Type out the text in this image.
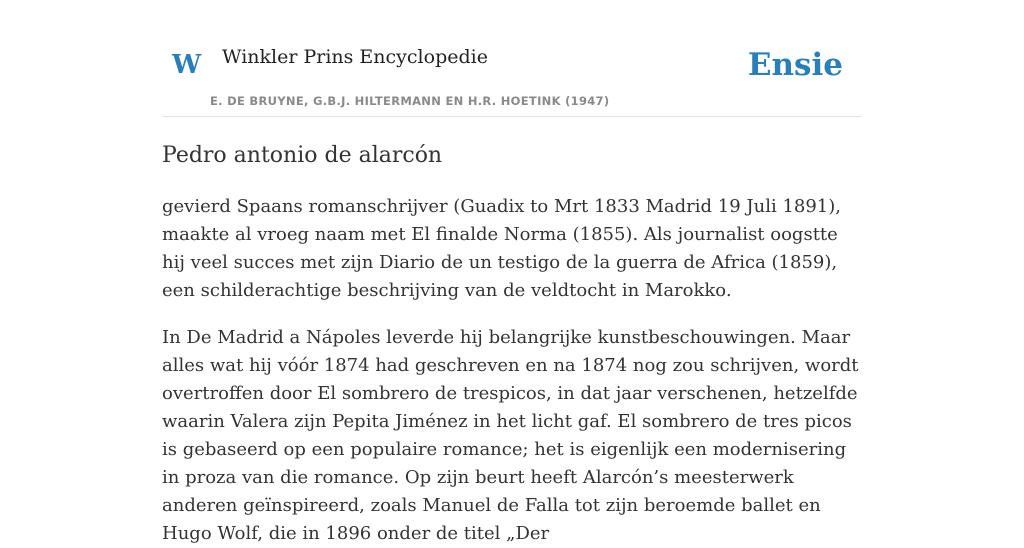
W Winkler Prins Encyclopedie
E. DE BRUYNE, G.B.J. HILTERMANN EN H.R. HOETINK (1947)
Ensie
Pedro antonio de alarcón

gevierd Spaans romanschrijver (Guadix to Mrt 1833 Madrid 19 Juli 1891), maakte al vroeg naam met El finalde Norma (1855). Als journalist oogstte hij veel succes met zijn Diario de un testigo de la guerra de Africa (1859), een schilderachtige beschrijving van de veldtocht in Marokko.

In De Madrid a Nápoles leverde hij belangrijke kunstbeschouwingen. Maar alles wat hij vóór 1874 had geschreven en na 1874 nog zou schrijven, wordt overtroffen door El sombrero de trespicos, in dat jaar verschenen, hetzelfde waarin Valera zijn Pepita Jiménez in het licht gaf. El sombrero de tres picos is gebaseerd op een populaire romance; het is eigenlijk een modernisering in proza van die romance. Op zijn beurt heeft Alarcón’s meesterwerk anderen geïnspireerd, zoals Manuel de Falla tot zijn beroemde ballet en Hugo Wolf, die in 1896 onder de titel „Der
